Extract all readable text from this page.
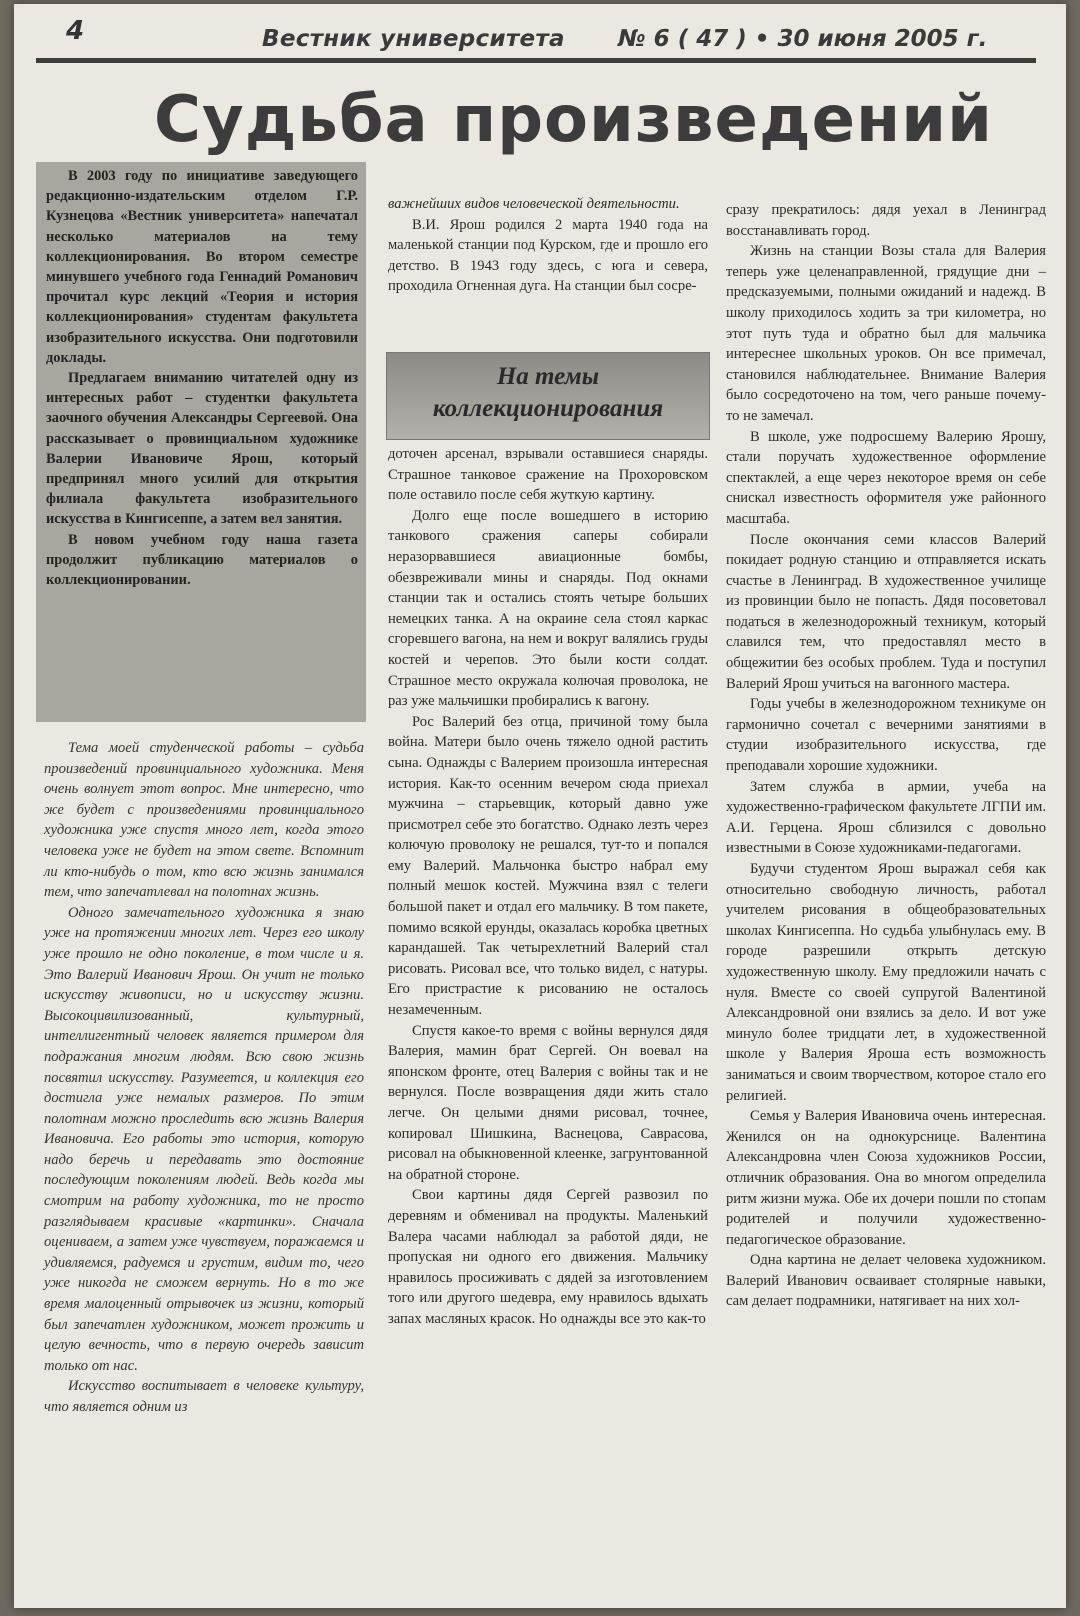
4	Вестник университета № 6 ( 47 ) • 30 июня 2005 г.
Судьба произведений

В 2003 году по инициативе заведующего редакционно-издательским отделом Г.Р. Кузнецова «Вестник университета» напечатал несколько материалов на тему коллекционирования. Во втором семестре минувшего учебного года Геннадий Романович прочитал курс лекций «Теория и история коллекционирования» студентам факультета изобразительного искусства. Они подготовили доклады.

Предлагаем вниманию читателей одну из интересных работ – студентки факультета заочного обучения Александры Сергеевой. Она рассказывает о провинциальном художнике Валерии Ивановиче Ярош, который предпринял много усилий для открытия филиала факультета изобразительного искусства в Кингисеппе, а затем вел занятия.

В новом учебном году наша газета продолжит публикацию материалов о коллекционировании.

Тема моей студенческой работы – судьба произведений провинциального художника. Меня очень волнует этот вопрос. Мне интересно, что же будет с произведениями провинциального художника уже спустя много лет, когда этого человека уже не будет на этом свете. Вспомнит ли кто-нибудь о том, кто всю жизнь занимался тем, что запечатлевал на полотнах жизнь.

Одного замечательного художника я знаю уже на протяжении многих лет. Через его школу уже прошло не одно поколение, в том числе и я. Это Валерий Иванович Ярош. Он учит не только искусству живописи, но и искусству жизни. Высокоцивилизованный, культурный, интеллигентный человек является примером для подражания многим людям. Всю свою жизнь посвятил искусству. Разумеется, и коллекция его достигла уже немалых размеров. По этим полотнам можно проследить всю жизнь Валерия Ивановича. Его работы это история, которую надо беречь и передавать это достояние последующим поколениям людей. Ведь когда мы смотрим на работу художника, то не просто разглядываем красивые «картинки». Сначала оцениваем, а затем уже чувствуем, поражаемся и удивляемся, радуемся и грустим, видим то, чего уже никогда не сможем вернуть. Но в то же время малоценный отрывочек из жизни, который был запечатлен художником, может прожить и целую вечность, что в первую очередь зависит только от нас.

Искусство воспитывает в человеке культуру, что является одним из

важнейших видов человеческой деятельности.

В.И. Ярош родился 2 марта 1940 года на маленькой станции под Курском, где и прошло его детство. В 1943 году здесь, с юга и севера, проходила Огненная дуга. На станции был сосре-

На темы
коллекционирования

доточен арсенал, взрывали оставшиеся снаряды. Страшное танковое сражение на Прохоровском поле оставило после себя жуткую картину.

Долго еще после вошедшего в историю танкового сражения саперы собирали неразорвавшиеся авиационные бомбы, обезвреживали мины и снаряды. Под окнами станции так и остались стоять четыре больших немецких танка. А на окраине села стоял каркас сгоревшего вагона, на нем и вокруг валялись груды костей и черепов. Это были кости солдат. Страшное место окружала колючая проволока, не раз уже мальчишки пробирались к вагону.

Рос Валерий без отца, причиной тому была война. Матери было очень тяжело одной растить сына. Однажды с Валерием произошла интересная история. Как-то осенним вечером сюда приехал мужчина – старьевщик, который давно уже присмотрел себе это богатство. Однако лезть через колючую проволоку не решался, тут-то и попался ему Валерий. Мальчонка быстро набрал ему полный мешок костей. Мужчина взял с телеги большой пакет и отдал его мальчику. В том пакете, помимо всякой ерунды, оказалась коробка цветных карандашей. Так четырехлетний Валерий стал рисовать. Рисовал все, что только видел, с натуры. Его пристрастие к рисованию не осталось незамеченным.

Спустя какое-то время с войны вернулся дядя Валерия, мамин брат Сергей. Он воевал на японском фронте, отец Валерия с войны так и не вернулся. После возвращения дяди жить стало легче. Он целыми днями рисовал, точнее, копировал Шишкина, Васнецова, Саврасова, рисовал на обыкновенной клеенке, загрунтованной на обратной стороне.

Свои картины дядя Сергей развозил по деревням и обменивал на продукты. Маленький Валера часами наблюдал за работой дяди, не пропуская ни одного его движения. Мальчику нравилось просиживать с дядей за изготовлением того или другого шедевра, ему нравилось вдыхать запах масляных красок. Но однажды все это как-то

сразу прекратилось: дядя уехал в Ленинград восстанавливать город.

Жизнь на станции Возы стала для Валерия теперь уже целенаправленной, грядущие дни – предсказуемыми, полными ожиданий и надежд. В школу приходилось ходить за три километра, но этот путь туда и обратно был для мальчика интереснее школьных уроков. Он все примечал, становился наблюдательнее. Внимание Валерия было сосредоточено на том, чего раньше почему-то не замечал.

В школе, уже подросшему Валерию Ярошу, стали поручать художественное оформление спектаклей, а еще через некоторое время он себе снискал известность оформителя уже районного масштаба.

После окончания семи классов Валерий покидает родную станцию и отправляется искать счастье в Ленинград. В художественное училище из провинции было не попасть. Дядя посоветовал податься в железнодорожный техникум, который славился тем, что предоставлял место в общежитии без особых проблем. Туда и поступил Валерий Ярош учиться на вагонного мастера.

Годы учебы в железнодорожном техникуме он гармонично сочетал с вечерними занятиями в студии изобразительного искусства, где преподавали хорошие художники.

Затем служба в армии, учеба на художественно-графическом факультете ЛГПИ им. А.И. Герцена. Ярош сблизился с довольно известными в Союзе художниками-педагогами.

Будучи студентом Ярош выражал себя как относительно свободную личность, работал учителем рисования в общеобразовательных школах Кингисеппа. Но судьба улыбнулась ему. В городе разрешили открыть детскую художественную школу. Ему предложили начать с нуля. Вместе со своей супругой Валентиной Александровной они взялись за дело. И вот уже минуло более тридцати лет, в художественной школе у Валерия Яроша есть возможность заниматься и своим творчеством, которое стало его религией.

Семья у Валерия Ивановича очень интересная. Женился он на однокурснице. Валентина Александровна член Союза художников России, отличник образования. Она во многом определила ритм жизни мужа. Обе их дочери пошли по стопам родителей и получили художественно-педагогическое образование.

Одна картина не делает человека художником. Валерий Иванович осваивает столярные навыки, сам делает подрамники, натягивает на них хол-
